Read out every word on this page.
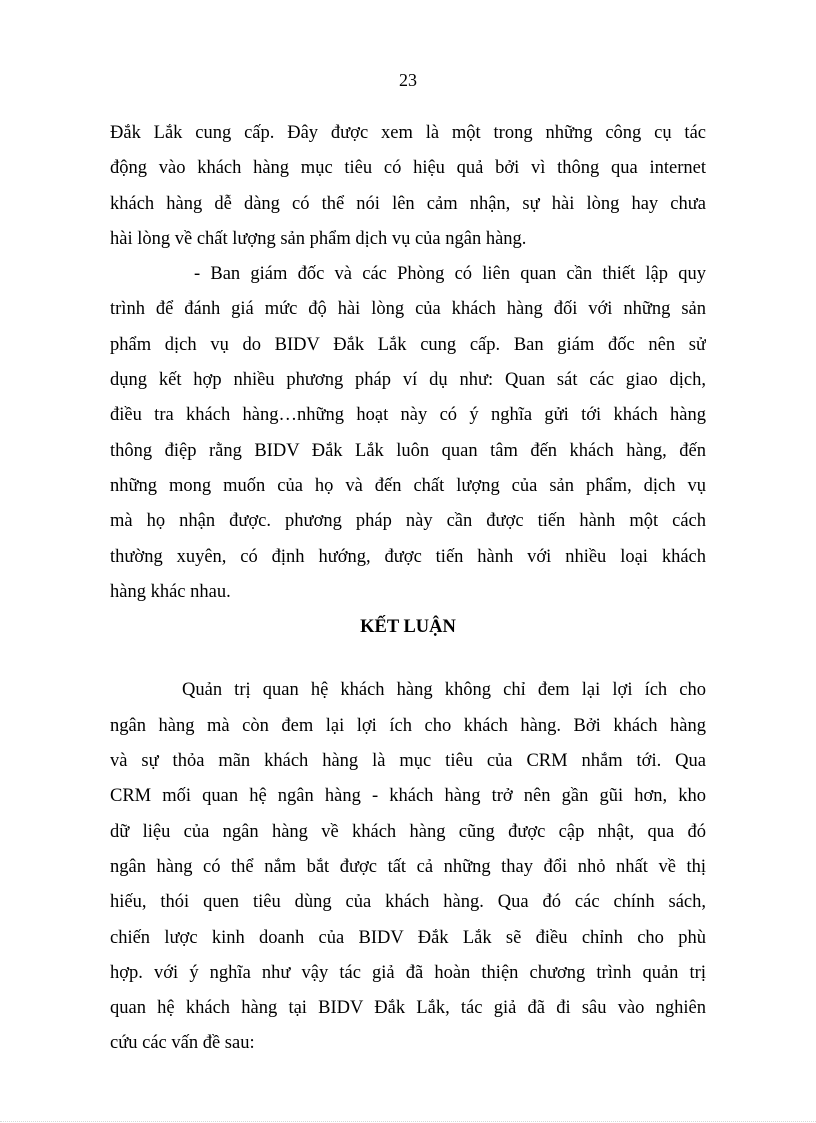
23
Đắk Lắk cung cấp. Đây được xem là một trong những công cụ tác
động vào khách hàng mục tiêu có hiệu quả bởi vì thông qua internet
khách hàng dễ dàng có thể nói lên cảm nhận, sự hài lòng hay chưa
hài lòng về chất lượng sản phẩm dịch vụ của ngân hàng.
- Ban giám đốc và các Phòng có liên quan cần thiết lập quy
trình để đánh giá mức độ hài lòng của khách hàng đối với những sản
phẩm dịch vụ do BIDV Đắk Lắk cung cấp. Ban giám đốc nên sử
dụng kết hợp nhiều phương pháp ví dụ như: Quan sát các giao dịch,
điều tra khách hàng…những hoạt này có ý nghĩa gửi tới khách hàng
thông điệp rằng BIDV Đắk Lắk luôn quan tâm đến khách hàng, đến
những mong muốn của họ và đến chất lượng của sản phẩm, dịch vụ
mà họ nhận được. phương pháp này cần được tiến hành một cách
thường xuyên, có định hướng, được tiến hành với nhiều loại khách
hàng khác nhau.
KẾT LUẬN
Quản trị quan hệ khách hàng không chỉ đem lại lợi ích cho
ngân hàng mà còn đem lại lợi ích cho khách hàng. Bởi khách hàng
và sự thỏa mãn khách hàng là mục tiêu của CRM nhắm tới. Qua
CRM mối quan hệ ngân hàng - khách hàng trở nên gần gũi hơn, kho
dữ liệu của ngân hàng về khách hàng cũng được cập nhật, qua đó
ngân hàng có thể nắm bắt được tất cả những thay đổi nhỏ nhất về thị
hiếu, thói quen tiêu dùng của khách hàng. Qua đó các chính sách,
chiến lược kinh doanh của BIDV Đắk Lắk sẽ điều chỉnh cho phù
hợp. với ý nghĩa như vậy tác giả đã hoàn thiện chương trình quản trị
quan hệ khách hàng tại BIDV Đắk Lắk, tác giả đã đi sâu vào nghiên
cứu các vấn đề sau:
